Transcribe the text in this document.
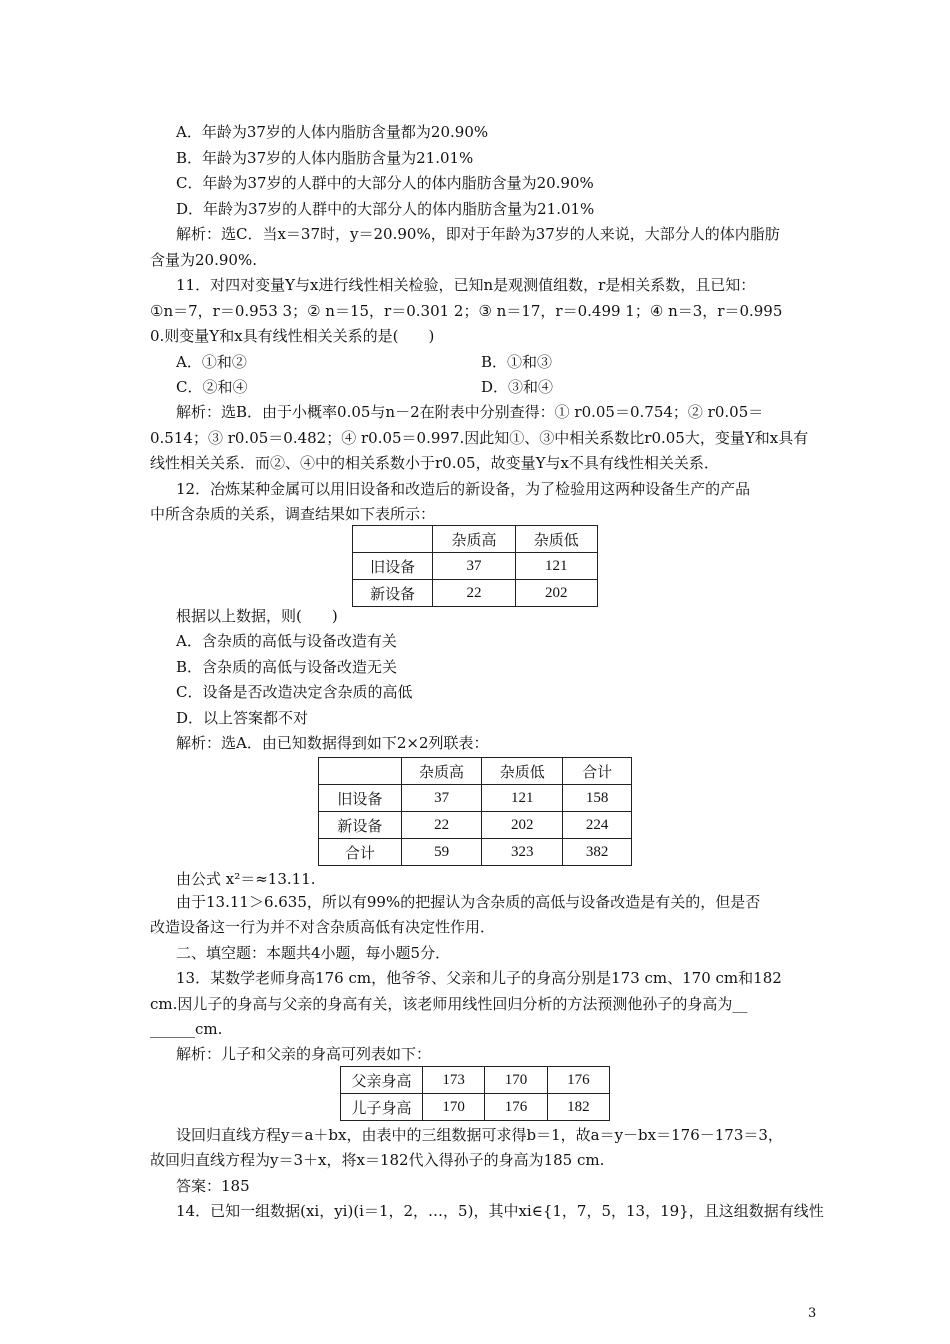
A．年龄为37岁的人体内脂肪含量都为20.90%
B．年龄为37岁的人体内脂肪含量为21.01%
C．年龄为37岁的人群中的大部分人的体内脂肪含量为20.90%
D．年龄为37岁的人群中的大部分人的体内脂肪含量为21.01%
解析：选C．当x＝37时，y＝20.90%，即对于年龄为37岁的人来说，大部分人的体内脂肪
含量为20.90%.
11．对四对变量Y与x进行线性相关检验，已知n是观测值组数，r是相关系数，且已知：
①n＝7，r＝0.953 3；② n＝15，r＝0.301 2；③ n＝17，r＝0.499 1；④ n＝3，r＝0.995
0.则变量Y和x具有线性相关关系的是(　　)
A．①和②	B．①和③
C．②和④	D．③和④
解析：选B．由于小概率0.05与n－2在附表中分别查得：① r0.05＝0.754；② r0.05＝
0.514；③ r0.05＝0.482；④ r0.05＝0.997.因此知①、③中相关系数比r0.05大，变量Y和x具有
线性相关关系．而②、④中的相关系数小于r0.05，故变量Y与x不具有线性相关关系．
12．冶炼某种金属可以用旧设备和改造后的新设备，为了检验用这两种设备生产的产品
中所含杂质的关系，调查结果如下表所示：
	杂质高	杂质低
旧设备	37	121
新设备	22	202
根据以上数据，则(　　)
A．含杂质的高低与设备改造有关
B．含杂质的高低与设备改造无关
C．设备是否改造决定含杂质的高低
D．以上答案都不对
解析：选A．由已知数据得到如下2×2列联表：
	杂质高	杂质低	合计
旧设备	37	121	158
新设备	22	202	224
合计	59	323	382
由公式 x²＝≈13.11.
由于13.11＞6.635，所以有99%的把握认为含杂质的高低与设备改造是有关的，但是否
改造设备这一行为并不对含杂质高低有决定性作用．
二、填空题：本题共4小题，每小题5分．
13．某数学老师身高176 cm，他爷爷、父亲和儿子的身高分别是173 cm、170 cm和182
cm.因儿子的身高与父亲的身高有关，该老师用线性回归分析的方法预测他孙子的身高为__
______cm.
解析：儿子和父亲的身高可列表如下：
父亲身高	173	170	176
儿子身高	170	176	182
设回归直线方程y＝a＋bx，由表中的三组数据可求得b＝1，故a＝y－bx＝176－173＝3，
故回归直线方程为y＝3＋x，将x＝182代入得孙子的身高为185 cm.
答案：185
14．已知一组数据(xi，yi)(i＝1，2，…，5)，其中xi∈{1，7，5，13，19}，且这组数据有线性
3
